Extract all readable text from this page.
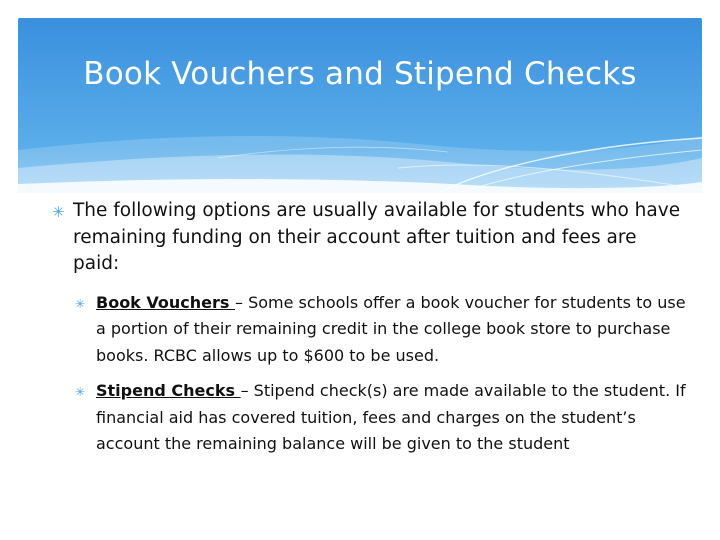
Book Vouchers and Stipend Checks
✳ The following options are usually available for students who have remaining funding on their account after tuition and fees are paid:
✳ Book Vouchers – Some schools offer a book voucher for students to use a portion of their remaining credit in the college book store to purchase books. RCBC allows up to $600 to be used.
✳ Stipend Checks – Stipend check(s) are made available to the student. If financial aid has covered tuition, fees and charges on the student’s account the remaining balance will be given to the student
